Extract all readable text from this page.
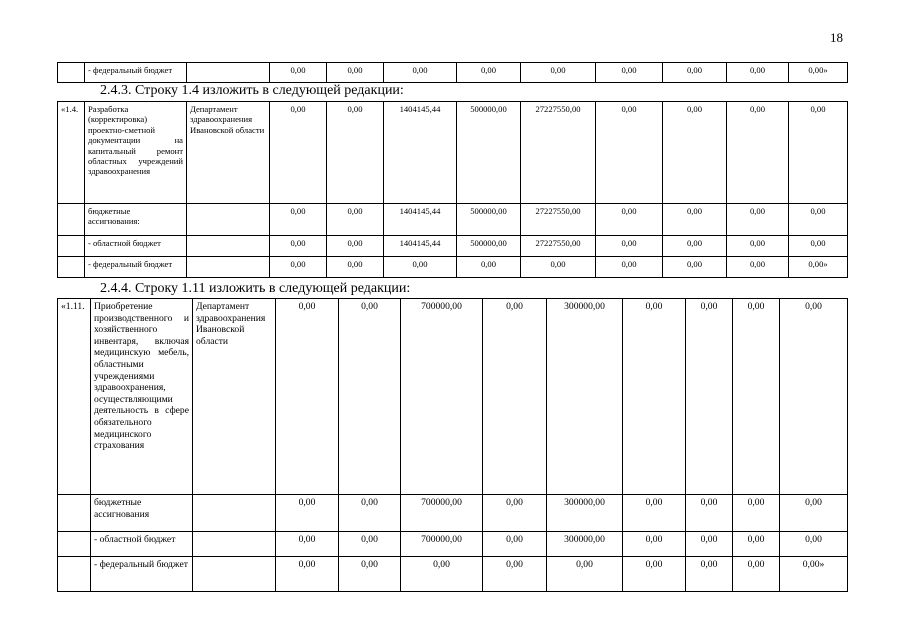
18
	- федеральный бюджет		0,00	0,00	0,00	0,00	0,00	0,00	0,00	0,00	0,00»
2.4.3. Строку 1.4 изложить в следующей редакции:
«1.4.	Разработка (корректировка) проектно-сметной документации на капитальный ремонт областных учреждений здравоохранения	Департамент здравоохранения Ивановской области	0,00	0,00	1404145,44	500000,00	27227550,00	0,00	0,00	0,00	0,00
	бюджетные ассигнования:		0,00	0,00	1404145,44	500000,00	27227550,00	0,00	0,00	0,00	0,00
	- областной бюджет		0,00	0,00	1404145,44	500000,00	27227550,00	0,00	0,00	0,00	0,00
	- федеральный бюджет		0,00	0,00	0,00	0,00	0,00	0,00	0,00	0,00	0,00»
2.4.4. Строку 1.11 изложить в следующей редакции:
«1.11.	Приобретение производственного и хозяйственного инвентаря, включая медицинскую мебель, областными учреждениями здравоохранения, осуществляющими деятельность в сфере обязательного медицинского страхования	Департамент здравоохранения Ивановской области	0,00	0,00	700000,00	0,00	300000,00	0,00	0,00	0,00	0,00
	бюджетные ассигнования		0,00	0,00	700000,00	0,00	300000,00	0,00	0,00	0,00	0,00
	- областной бюджет		0,00	0,00	700000,00	0,00	300000,00	0,00	0,00	0,00	0,00
	- федеральный бюджет		0,00	0,00	0,00	0,00	0,00	0,00	0,00	0,00	0,00»
